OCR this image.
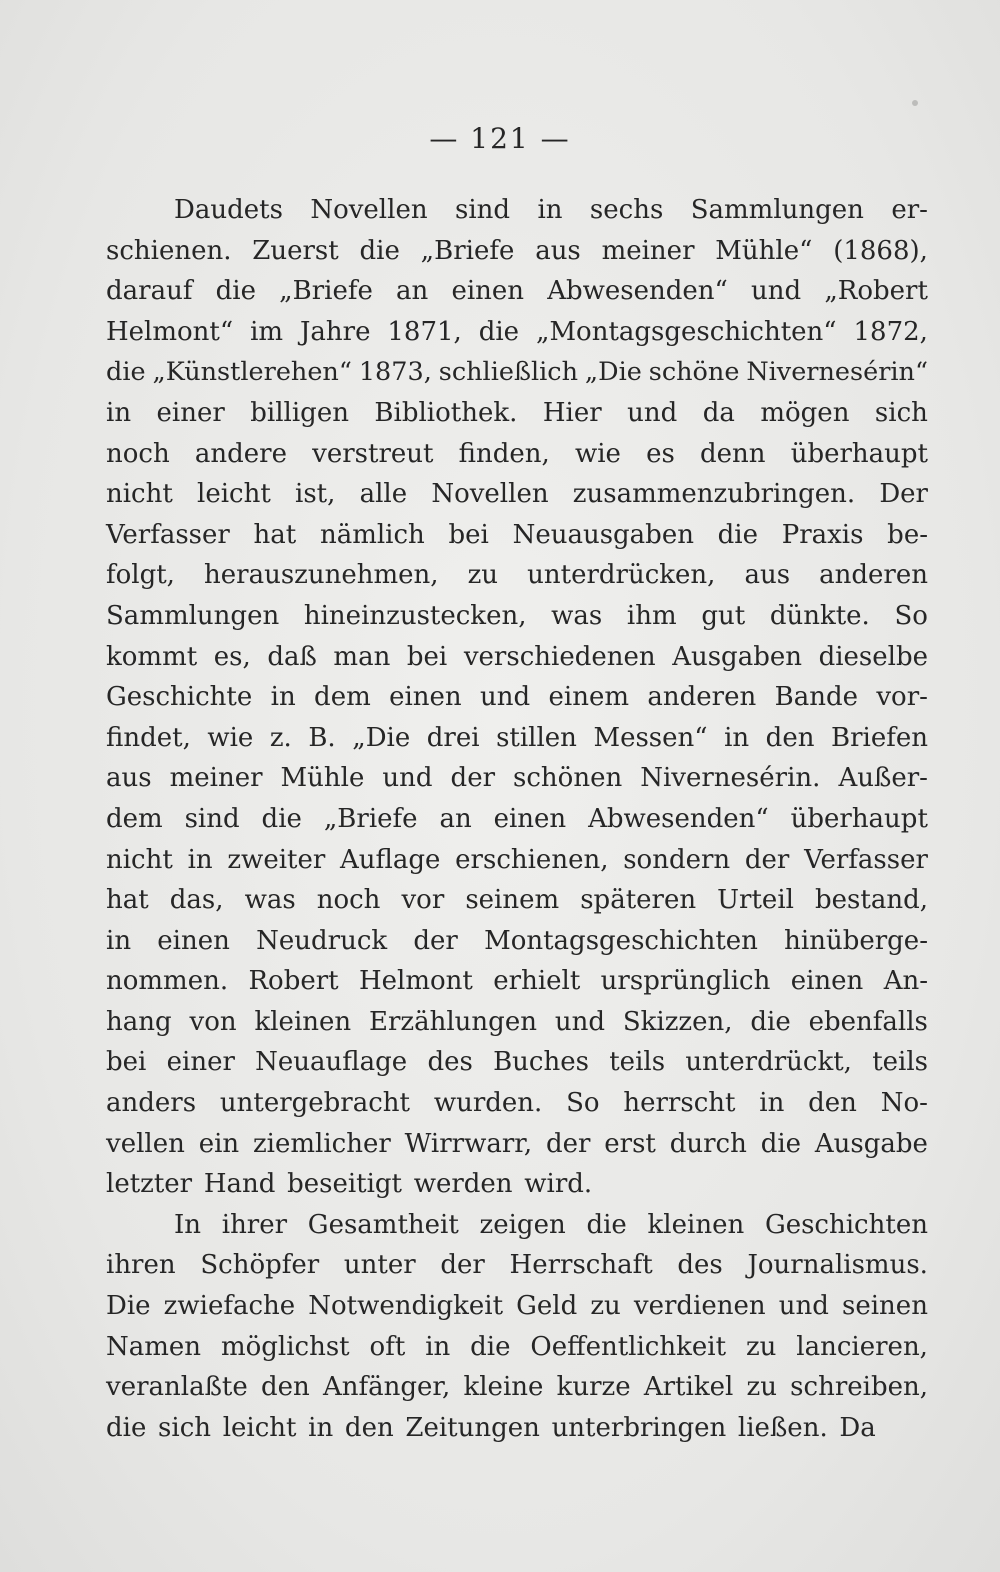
— 121 —
Daudets Novellen sind in sechs Sammlungen er-
schienen. Zuerst die „Briefe aus meiner Mühle“ (1868),
darauf die „Briefe an einen Abwesenden“ und „Robert
Helmont“ im Jahre 1871, die „Montagsgeschichten“ 1872,
die „Künstlerehen“ 1873, schließlich „Die schöne Nivernesérin“
in einer billigen Bibliothek. Hier und da mögen sich
noch andere verstreut finden, wie es denn überhaupt
nicht leicht ist, alle Novellen zusammenzubringen. Der
Verfasser hat nämlich bei Neuausgaben die Praxis be-
folgt, herauszunehmen, zu unterdrücken, aus anderen
Sammlungen hineinzustecken, was ihm gut dünkte. So
kommt es, daß man bei verschiedenen Ausgaben dieselbe
Geschichte in dem einen und einem anderen Bande vor-
findet, wie z. B. „Die drei stillen Messen“ in den Briefen
aus meiner Mühle und der schönen Nivernesérin. Außer-
dem sind die „Briefe an einen Abwesenden“ überhaupt
nicht in zweiter Auflage erschienen, sondern der Verfasser
hat das, was noch vor seinem späteren Urteil bestand,
in einen Neudruck der Montagsgeschichten hinüberge-
nommen. Robert Helmont erhielt ursprünglich einen An-
hang von kleinen Erzählungen und Skizzen, die ebenfalls
bei einer Neuauflage des Buches teils unterdrückt, teils
anders untergebracht wurden. So herrscht in den No-
vellen ein ziemlicher Wirrwarr, der erst durch die Ausgabe
letzter Hand beseitigt werden wird.
In ihrer Gesamtheit zeigen die kleinen Geschichten
ihren Schöpfer unter der Herrschaft des Journalismus.
Die zwiefache Notwendigkeit Geld zu verdienen und seinen
Namen möglichst oft in die Oeffentlichkeit zu lancieren,
veranlaßte den Anfänger, kleine kurze Artikel zu schreiben,
die sich leicht in den Zeitungen unterbringen ließen. Da
